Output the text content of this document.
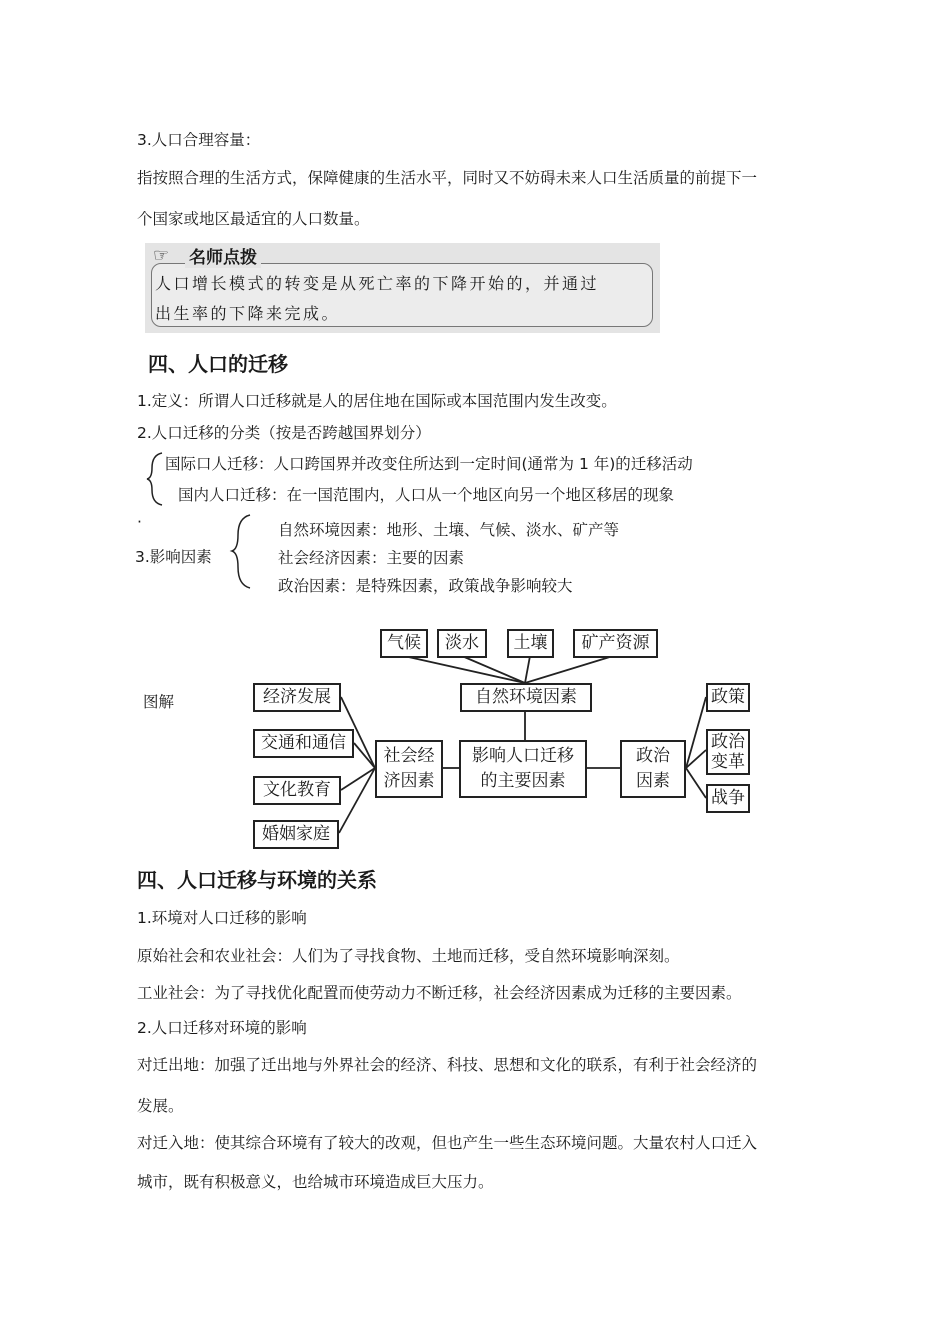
3.人口合理容量：
指按照合理的生活方式，保障健康的生活水平，同时又不妨碍未来人口生活质量的前提下一
个国家或地区最适宜的人口数量。
☞ 名师点拨
人口增长模式的转变是从死亡率的下降开始的，并通过
出生率的下降来完成。
四、人口的迁移
1.定义：所谓人口迁移就是人的居住地在国际或本国范围内发生改变。
2.人口迁移的分类（按是否跨越国界划分）
国际口人迁移：人口跨国界并改变住所达到一定时间(通常为 1 年)的迁移活动
国内人口迁移：在一国范围内，人口从一个地区向另一个地区移居的现象
·
3.影响因素
自然环境因素：地形、土壤、气候、淡水、矿产等
社会经济因素：主要的因素
政治因素：是特殊因素，政策战争影响较大
图解
气候	淡水	土壤	矿产资源
自然环境因素
影响人口迁移
的主要因素
社会经
济因素
经济发展
交通和通信
文化教育
婚姻家庭
政治
因素
政策
政治
变革
战争
四、人口迁移与环境的关系
1.环境对人口迁移的影响
原始社会和农业社会：人们为了寻找食物、土地而迁移，受自然环境影响深刻。
工业社会：为了寻找优化配置而使劳动力不断迁移，社会经济因素成为迁移的主要因素。
2.人口迁移对环境的影响
对迁出地：加强了迁出地与外界社会的经济、科技、思想和文化的联系，有利于社会经济的
发展。
对迁入地：使其综合环境有了较大的改观，但也产生一些生态环境问题。大量农村人口迁入
城市，既有积极意义，也给城市环境造成巨大压力。
